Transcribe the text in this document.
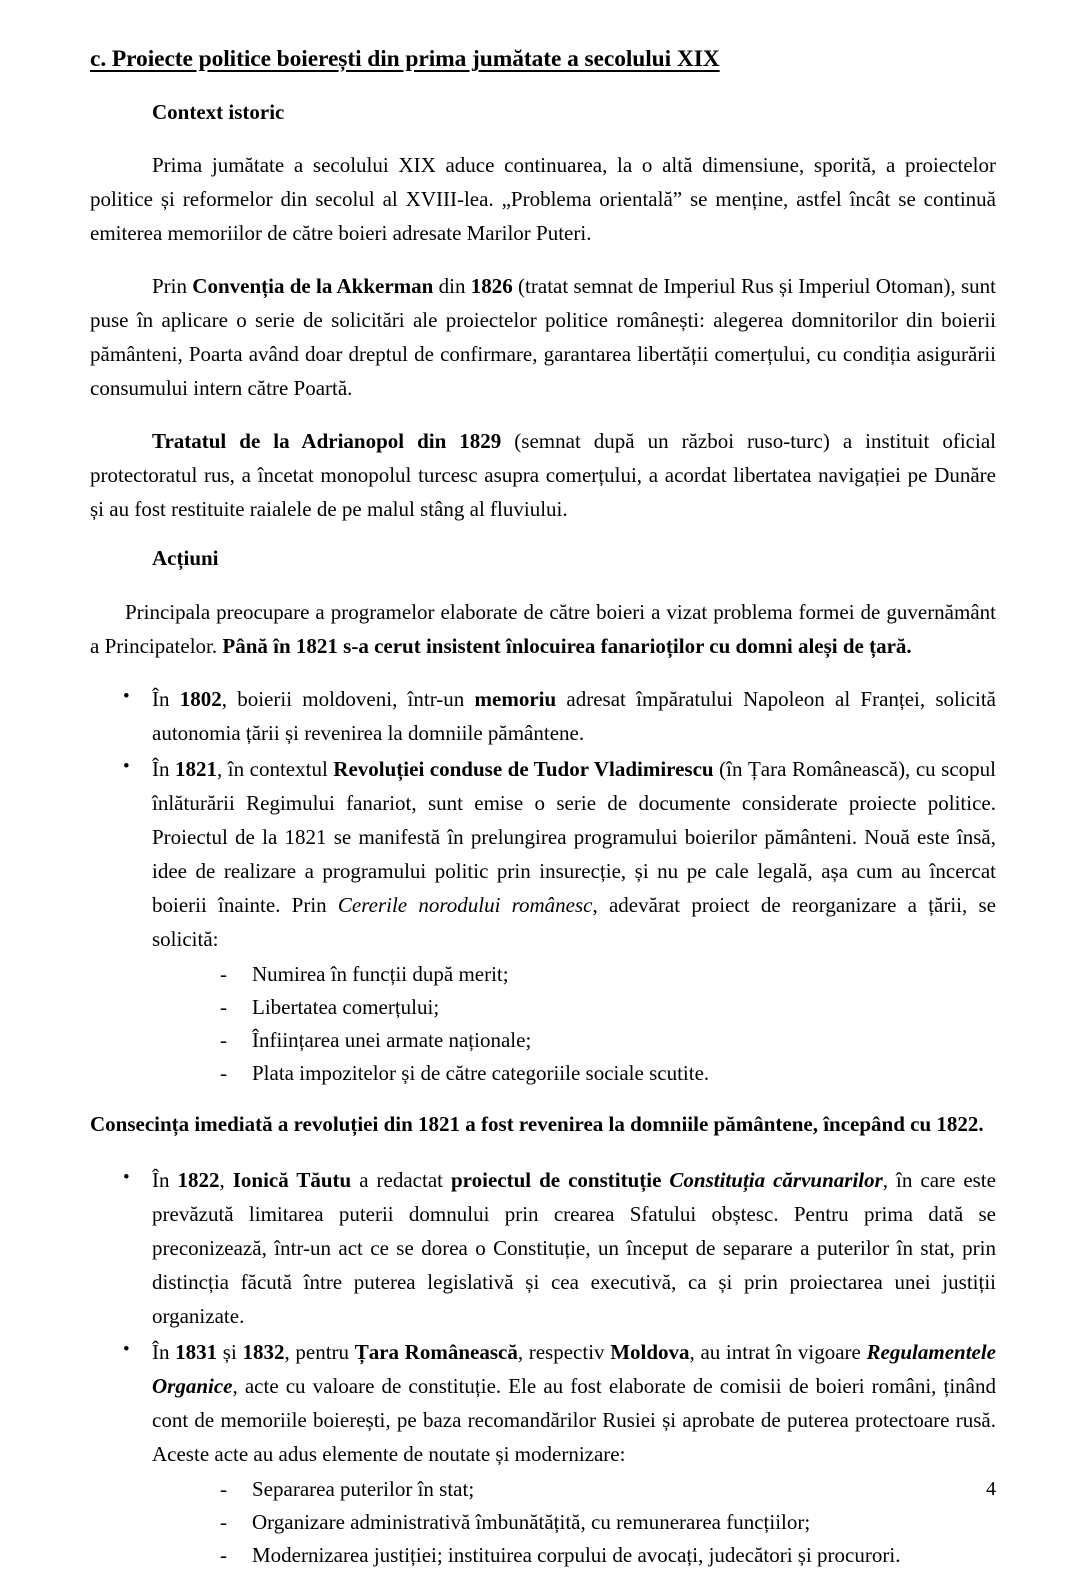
c. Proiecte politice boierești din prima jumătate a secolului XIX
Context istoric

Prima jumătate a secolului XIX aduce continuarea, la o altă dimensiune, sporită, a proiectelor politice și reformelor din secolul al XVIII-lea. „Problema orientală” se menține, astfel încât se continuă emiterea memoriilor de către boieri adresate Marilor Puteri.

Prin Convenția de la Akkerman din 1826 (tratat semnat de Imperiul Rus și Imperiul Otoman), sunt puse în aplicare o serie de solicitări ale proiectelor politice românești: alegerea domnitorilor din boierii pământeni, Poarta având doar dreptul de confirmare, garantarea libertății comerțului, cu condiția asigurării consumului intern către Poartă.

Tratatul de la Adrianopol din 1829 (semnat după un război ruso-turc) a instituit oficial protectoratul rus, a încetat monopolul turcesc asupra comerțului, a acordat libertatea navigației pe Dunăre și au fost restituite raialele de pe malul stâng al fluviului.

Acțiuni

Principala preocupare a programelor elaborate de către boieri a vizat problema formei de guvernământ a Principatelor. Până în 1821 s-a cerut insistent înlocuirea fanarioților cu domni aleși de țară.

• În 1802, boierii moldoveni, într-un memoriu adresat împăratului Napoleon al Franței, solicită autonomia țării și revenirea la domniile pământene.
• În 1821, în contextul Revoluției conduse de Tudor Vladimirescu (în Țara Românească), cu scopul înlăturării Regimului fanariot, sunt emise o serie de documente considerate proiecte politice. Proiectul de la 1821 se manifestă în prelungirea programului boierilor pământeni. Nouă este însă, idee de realizare a programului politic prin insurecție, și nu pe cale legală, așa cum au încercat boierii înainte. Prin Cererile norodului românesc, adevărat proiect de reorganizare a țării, se solicită:
- Numirea în funcții după merit;
- Libertatea comerțului;
- Înființarea unei armate naționale;
- Plata impozitelor și de către categoriile sociale scutite.

Consecința imediată a revoluției din 1821 a fost revenirea la domniile pământene, începând cu 1822.

• În 1822, Ionică Tăutu a redactat proiectul de constituție Constituția cărvunarilor, în care este prevăzută limitarea puterii domnului prin crearea Sfatului obștesc. Pentru prima dată se preconizează, într-un act ce se dorea o Constituție, un început de separare a puterilor în stat, prin distincția făcută între puterea legislativă și cea executivă, ca și prin proiectarea unei justiții organizate.
• În 1831 și 1832, pentru Țara Românească, respectiv Moldova, au intrat în vigoare Regulamentele Organice, acte cu valoare de constituție. Ele au fost elaborate de comisii de boieri români, ținând cont de memoriile boierești, pe baza recomandărilor Rusiei și aprobate de puterea protectoare rusă. Aceste acte au adus elemente de noutate și modernizare:
- Separarea puterilor în stat;
- Organizare administrativă îmbunătățită, cu remunerarea funcțiilor;
- Modernizarea justiției; instituirea corpului de avocați, judecători și procurori.
4
